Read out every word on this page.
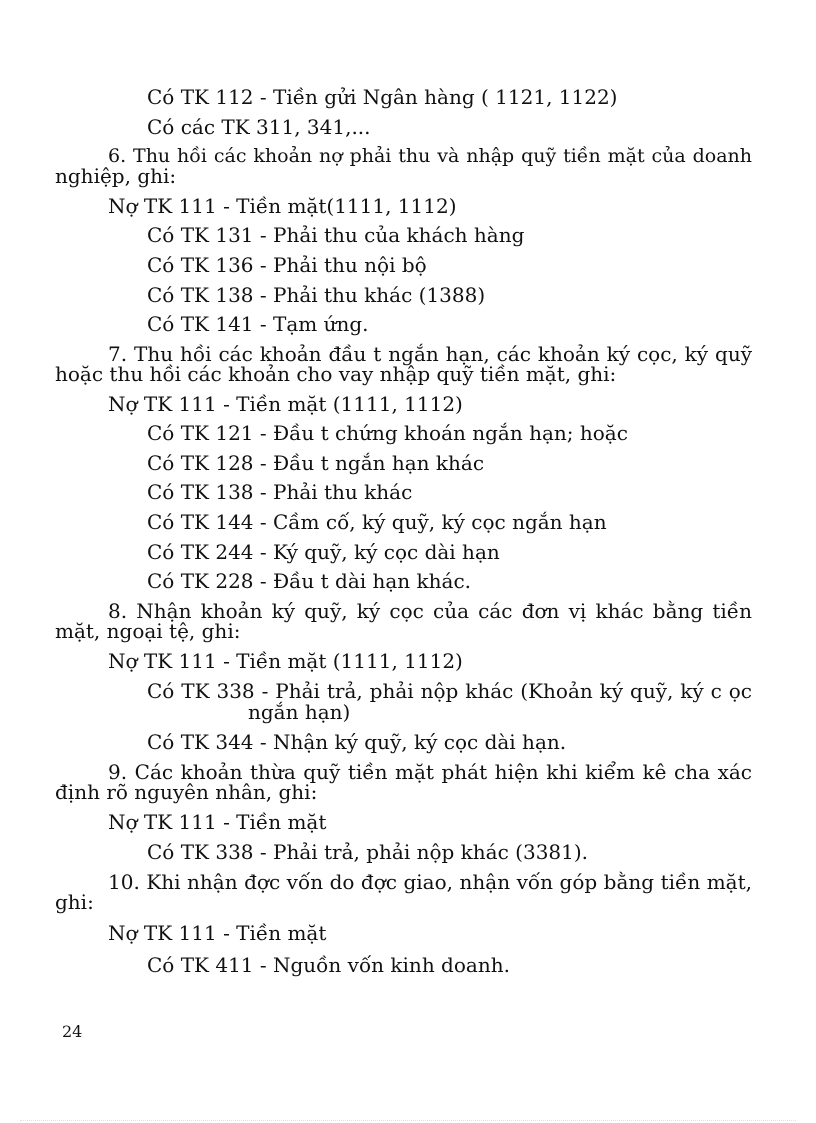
Có TK 112 - Tiền gửi Ngân hàng ( 1121, 1122)
Có các TK 311, 341,...
6. Thu hồi các khoản nợ phải thu và nhập quỹ tiền mặt của doanh
nghiệp, ghi:
Nợ TK 111 - Tiền mặt(1111, 1112)
Có TK 131 - Phải thu của khách hàng
Có TK 136 - Phải thu nội bộ
Có TK 138 - Phải thu khác (1388)
Có TK 141 - Tạm ứng.
7. Thu hồi các khoản đầu t ngắn hạn, các khoản ký cọc, ký quỹ
hoặc thu hồi các khoản cho vay nhập quỹ tiền mặt, ghi:
Nợ TK 111 - Tiền mặt (1111, 1112)
Có TK 121 - Đầu t chứng khoán ngắn hạn; hoặc
Có TK 128 - Đầu t ngắn hạn khác
Có TK 138 - Phải thu khác
Có TK 144 - Cầm cố, ký quỹ, ký cọc ngắn hạn
Có TK 244 - Ký quỹ, ký cọc dài hạn
Có TK 228 - Đầu t dài hạn khác.
8. Nhận khoản ký quỹ, ký cọc của các đơn vị khác bằng tiền
mặt, ngoại tệ, ghi:
Nợ TK 111 - Tiền mặt (1111, 1112)
Có TK 338 - Phải trả, phải nộp khác (Khoản ký quỹ, ký c ọc
ngắn hạn)
Có TK 344 - Nhận ký quỹ, ký cọc dài hạn.
9. Các khoản thừa quỹ tiền mặt phát hiện khi kiểm kê cha xác
định rõ nguyên nhân, ghi:
Nợ TK 111 - Tiền mặt
Có TK 338 - Phải trả, phải nộp khác (3381).
10. Khi nhận đợc vốn do đợc giao, nhận vốn góp bằng tiền mặt,
ghi:
Nợ TK 111 - Tiền mặt
Có TK 411 - Nguồn vốn kinh doanh.
24
